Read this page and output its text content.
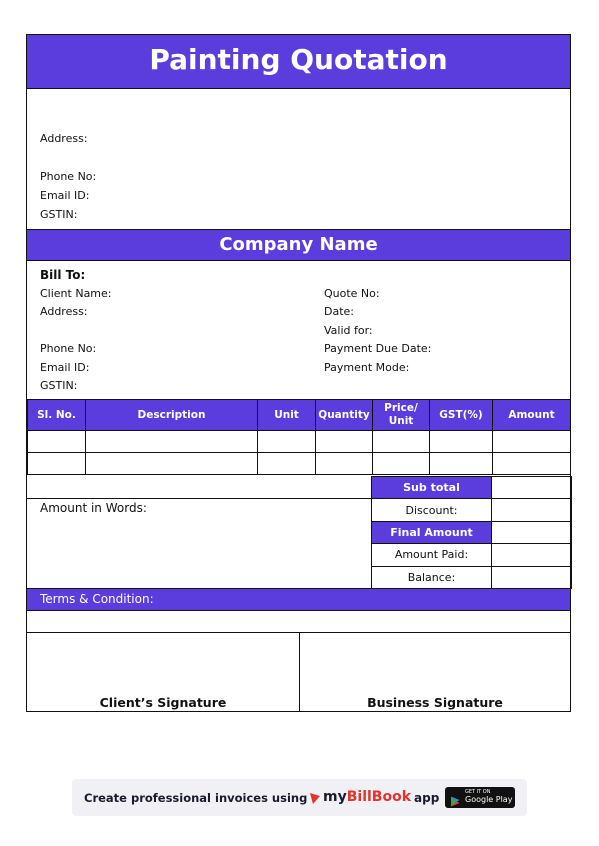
Painting Quotation
Address:
Phone No:
Email ID:
GSTIN:
Company Name
Bill To:
Client Name:
Address:
Phone No:
Email ID:
GSTIN:
Quote No:
Date:
Valid for:
Payment Due Date:
Payment Mode:
Sl. No.	Description	Unit	Quantity	Price/ Unit	GST(%)	Amount

Amount in Words:
Sub total	
Discount:	
Final Amount	
Amount Paid:	
Balance:	
Terms & Condition:
Client’s Signature	Business Signature
Create professional invoices using myBillBook app	GET IT ON
Google Play
